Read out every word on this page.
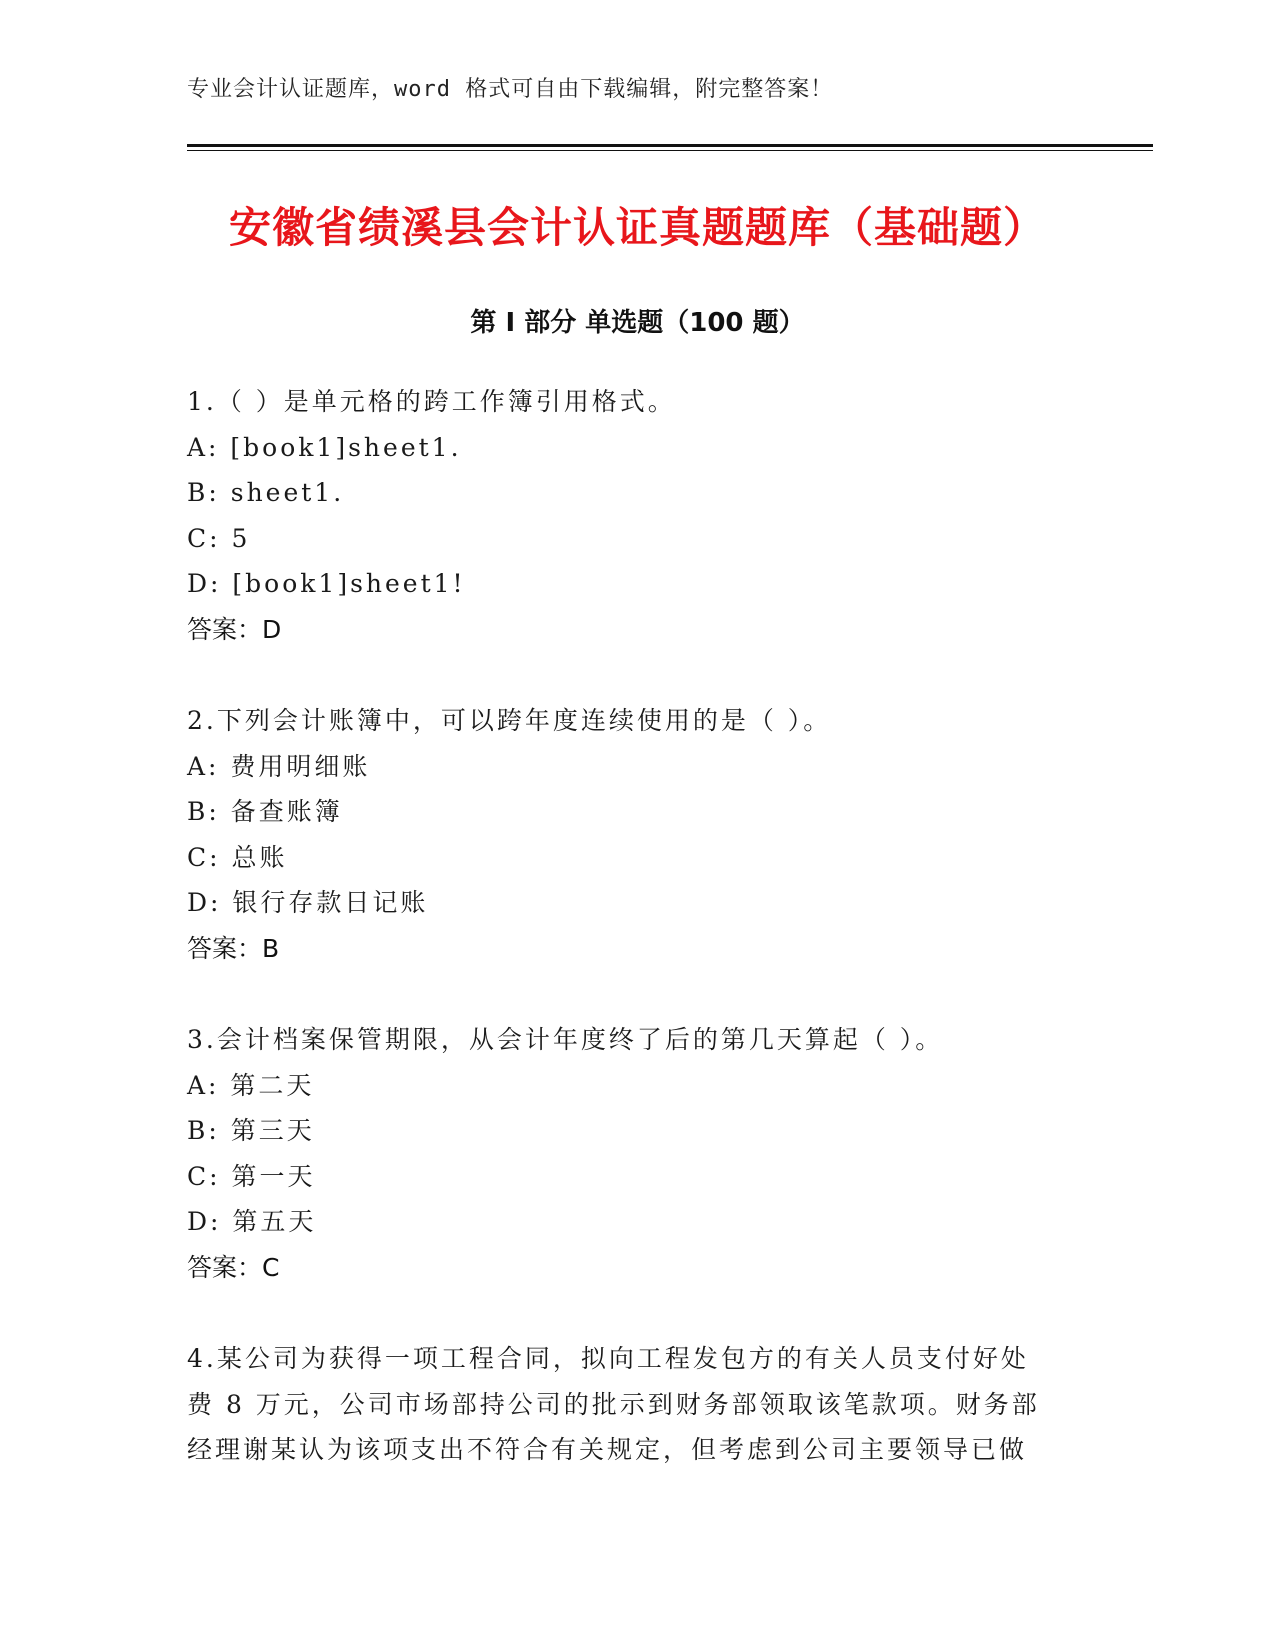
专业会计认证题库，word 格式可自由下载编辑，附完整答案！
安徽省绩溪县会计认证真题题库（基础题）
第 I 部分 单选题（100 题）
1.（ ）是单元格的跨工作簿引用格式。
A: [book1]sheet1.
B: sheet1.
C: 5
D: [book1]sheet1!
答案：D
2.下列会计账簿中，可以跨年度连续使用的是（ ）。
A: 费用明细账
B: 备查账簿
C: 总账
D: 银行存款日记账
答案：B
3.会计档案保管期限，从会计年度终了后的第几天算起（ ）。
A: 第二天
B: 第三天
C: 第一天
D: 第五天
答案：C
4.某公司为获得一项工程合同，拟向工程发包方的有关人员支付好处
费 8 万元，公司市场部持公司的批示到财务部领取该笔款项。财务部
经理谢某认为该项支出不符合有关规定，但考虑到公司主要领导已做
